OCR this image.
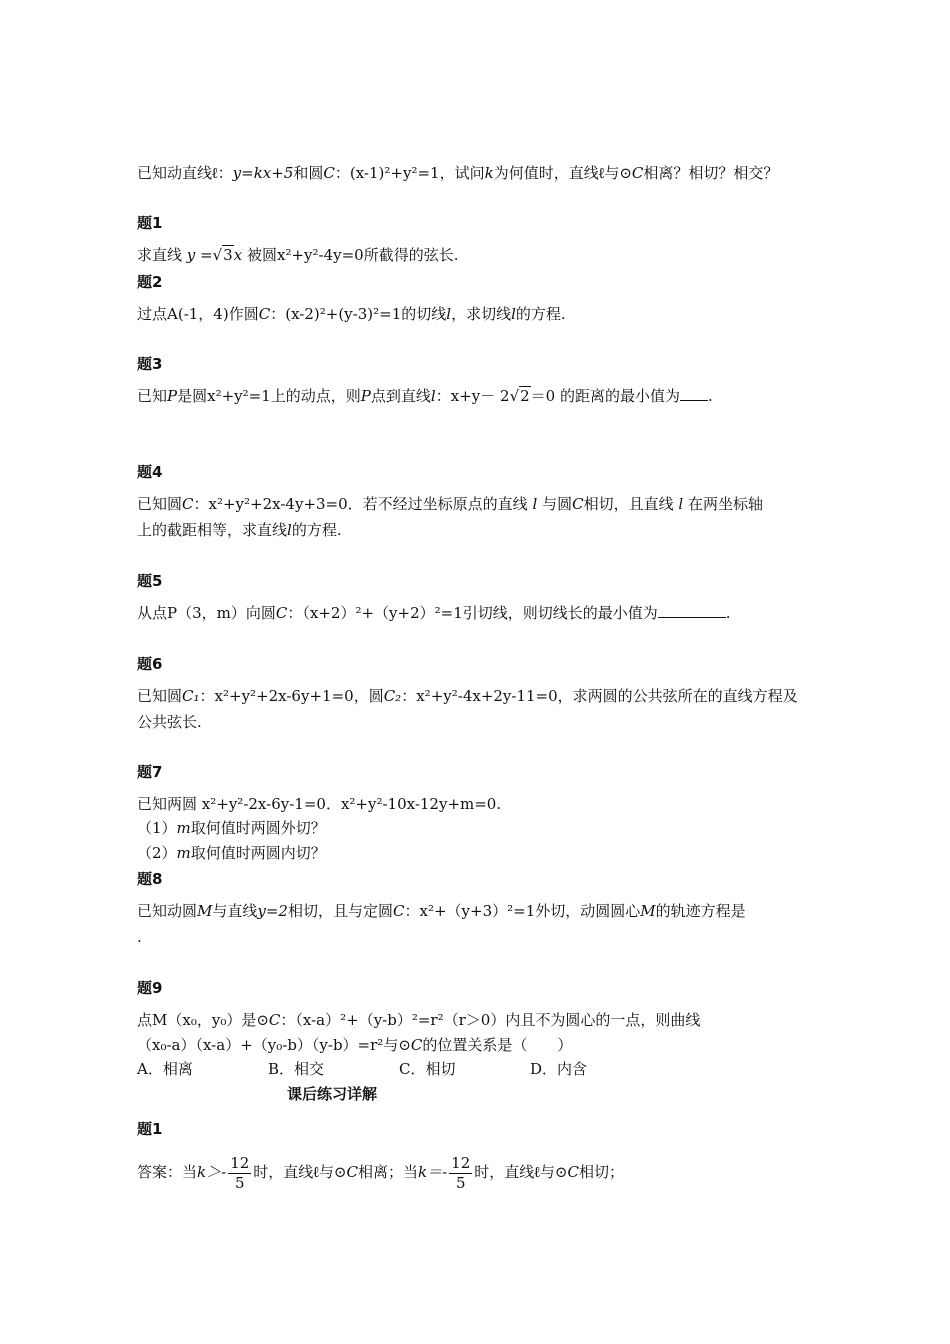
已知动直线ℓ：y=kx+5和圆C：(x-1)²+y²=1，试问k为何值时，直线ℓ与⊙C相离？相切？相交？
题1
求直线 y =√3x 被圆x²+y²-4y=0所截得的弦长.
题2
过点A(-1，4)作圆C：(x-2)²+(y-3)²=1的切线l，求切线l的方程.
题3
已知P是圆x²+y²=1上的动点，则P点到直线l：x+y－ 2√2＝0 的距离的最小值为 .
题4
已知圆C：x²+y²+2x-4y+3=0．若不经过坐标原点的直线 l 与圆C相切，且直线 l 在两坐标轴
上的截距相等，求直线l的方程.
题5
从点P（3，m）向圆C：（x+2）²+（y+2）²=1引切线，则切线长的最小值为	.
题6
已知圆C₁：x²+y²+2x-6y+1=0，圆C₂：x²+y²-4x+2y-11=0，求两圆的公共弦所在的直线方程及
公共弦长.
题7
已知两圆 x²+y²-2x-6y-1=0．x²+y²-10x-12y+m=0.
（1）m取何值时两圆外切？
（2）m取何值时两圆内切？
题8
已知动圆M与直线y=2相切，且与定圆C：x²+（y+3）²=1外切，动圆圆心M的轨迹方程是
.
题9
点M（x₀，y₀）是⊙C：（x-a）²+（y-b）²=r²（r＞0）内且不为圆心的一点，则曲线
（x₀-a）（x-a）+（y₀-b）（y-b）=r²与⊙C的位置关系是（　　）
A．相离	B．相交	C．相切	D．内含
课后练习详解
题1
答案：当$k>- \frac{12}{5}$ 时，直线ℓ与⊙C相离；当$k=- \frac{12}{5}$ 时，直线ℓ与⊙C相切；
